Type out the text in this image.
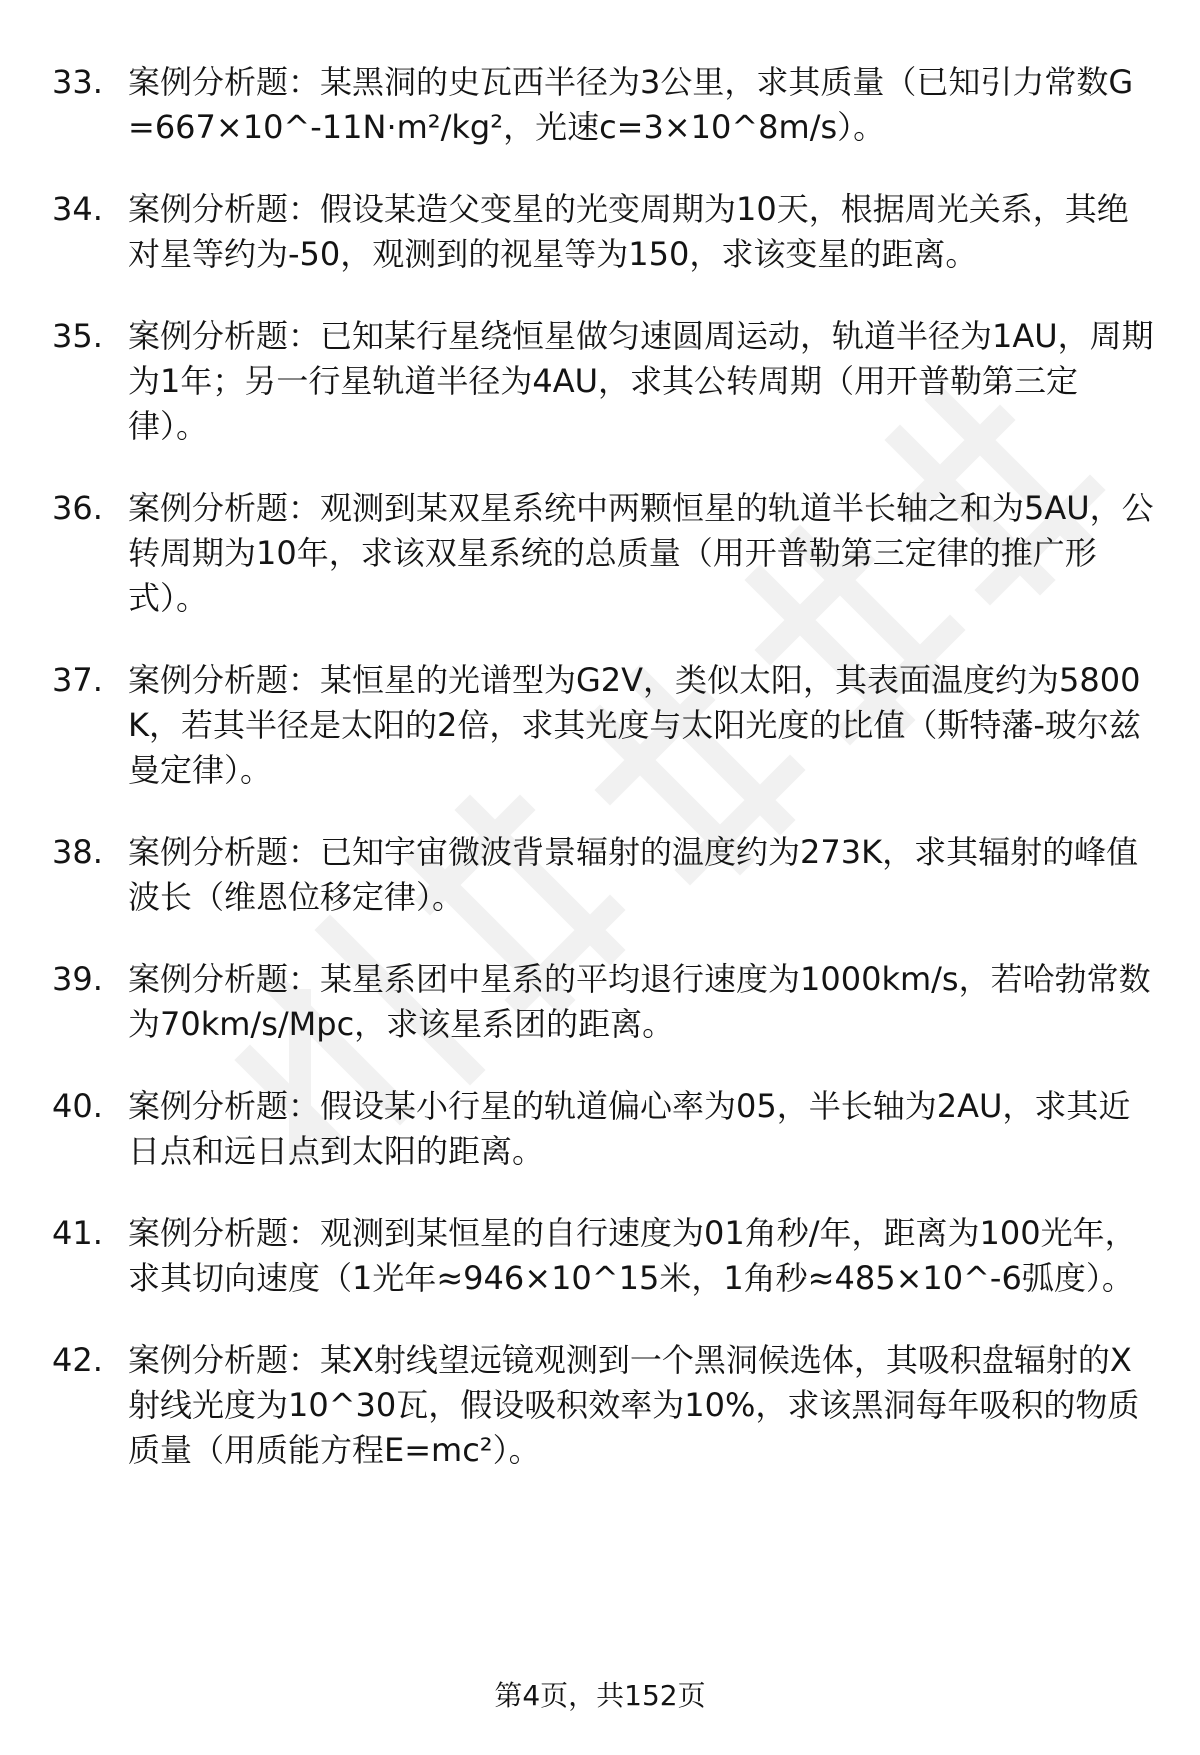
33. 案例分析题：某黑洞的史瓦西半径为3公里，求其质量（已知引力常数G=667×10^-11N·m²/kg²，光速c=3×10^8m/s）。
34. 案例分析题：假设某造父变星的光变周期为10天，根据周光关系，其绝对星等约为-50，观测到的视星等为150，求该变星的距离。
35. 案例分析题：已知某行星绕恒星做匀速圆周运动，轨道半径为1AU，周期为1年；另一行星轨道半径为4AU，求其公转周期（用开普勒第三定律）。
36. 案例分析题：观测到某双星系统中两颗恒星的轨道半长轴之和为5AU，公转周期为10年，求该双星系统的总质量（用开普勒第三定律的推广形式）。
37. 案例分析题：某恒星的光谱型为G2V，类似太阳，其表面温度约为5800K，若其半径是太阳的2倍，求其光度与太阳光度的比值（斯特藩-玻尔兹曼定律）。
38. 案例分析题：已知宇宙微波背景辐射的温度约为273K，求其辐射的峰值波长（维恩位移定律）。
39. 案例分析题：某星系团中星系的平均退行速度为1000km/s，若哈勃常数为70km/s/Mpc，求该星系团的距离。
40. 案例分析题：假设某小行星的轨道偏心率为05，半长轴为2AU，求其近日点和远日点到太阳的距离。
41. 案例分析题：观测到某恒星的自行速度为01角秒/年，距离为100光年，求其切向速度（1光年≈946×10^15米，1角秒≈485×10^-6弧度）。
42. 案例分析题：某X射线望远镜观测到一个黑洞候选体，其吸积盘辐射的X射线光度为10^30瓦，假设吸积效率为10%，求该黑洞每年吸积的物质质量（用质能方程E=mc²）。
第4页，共152页
